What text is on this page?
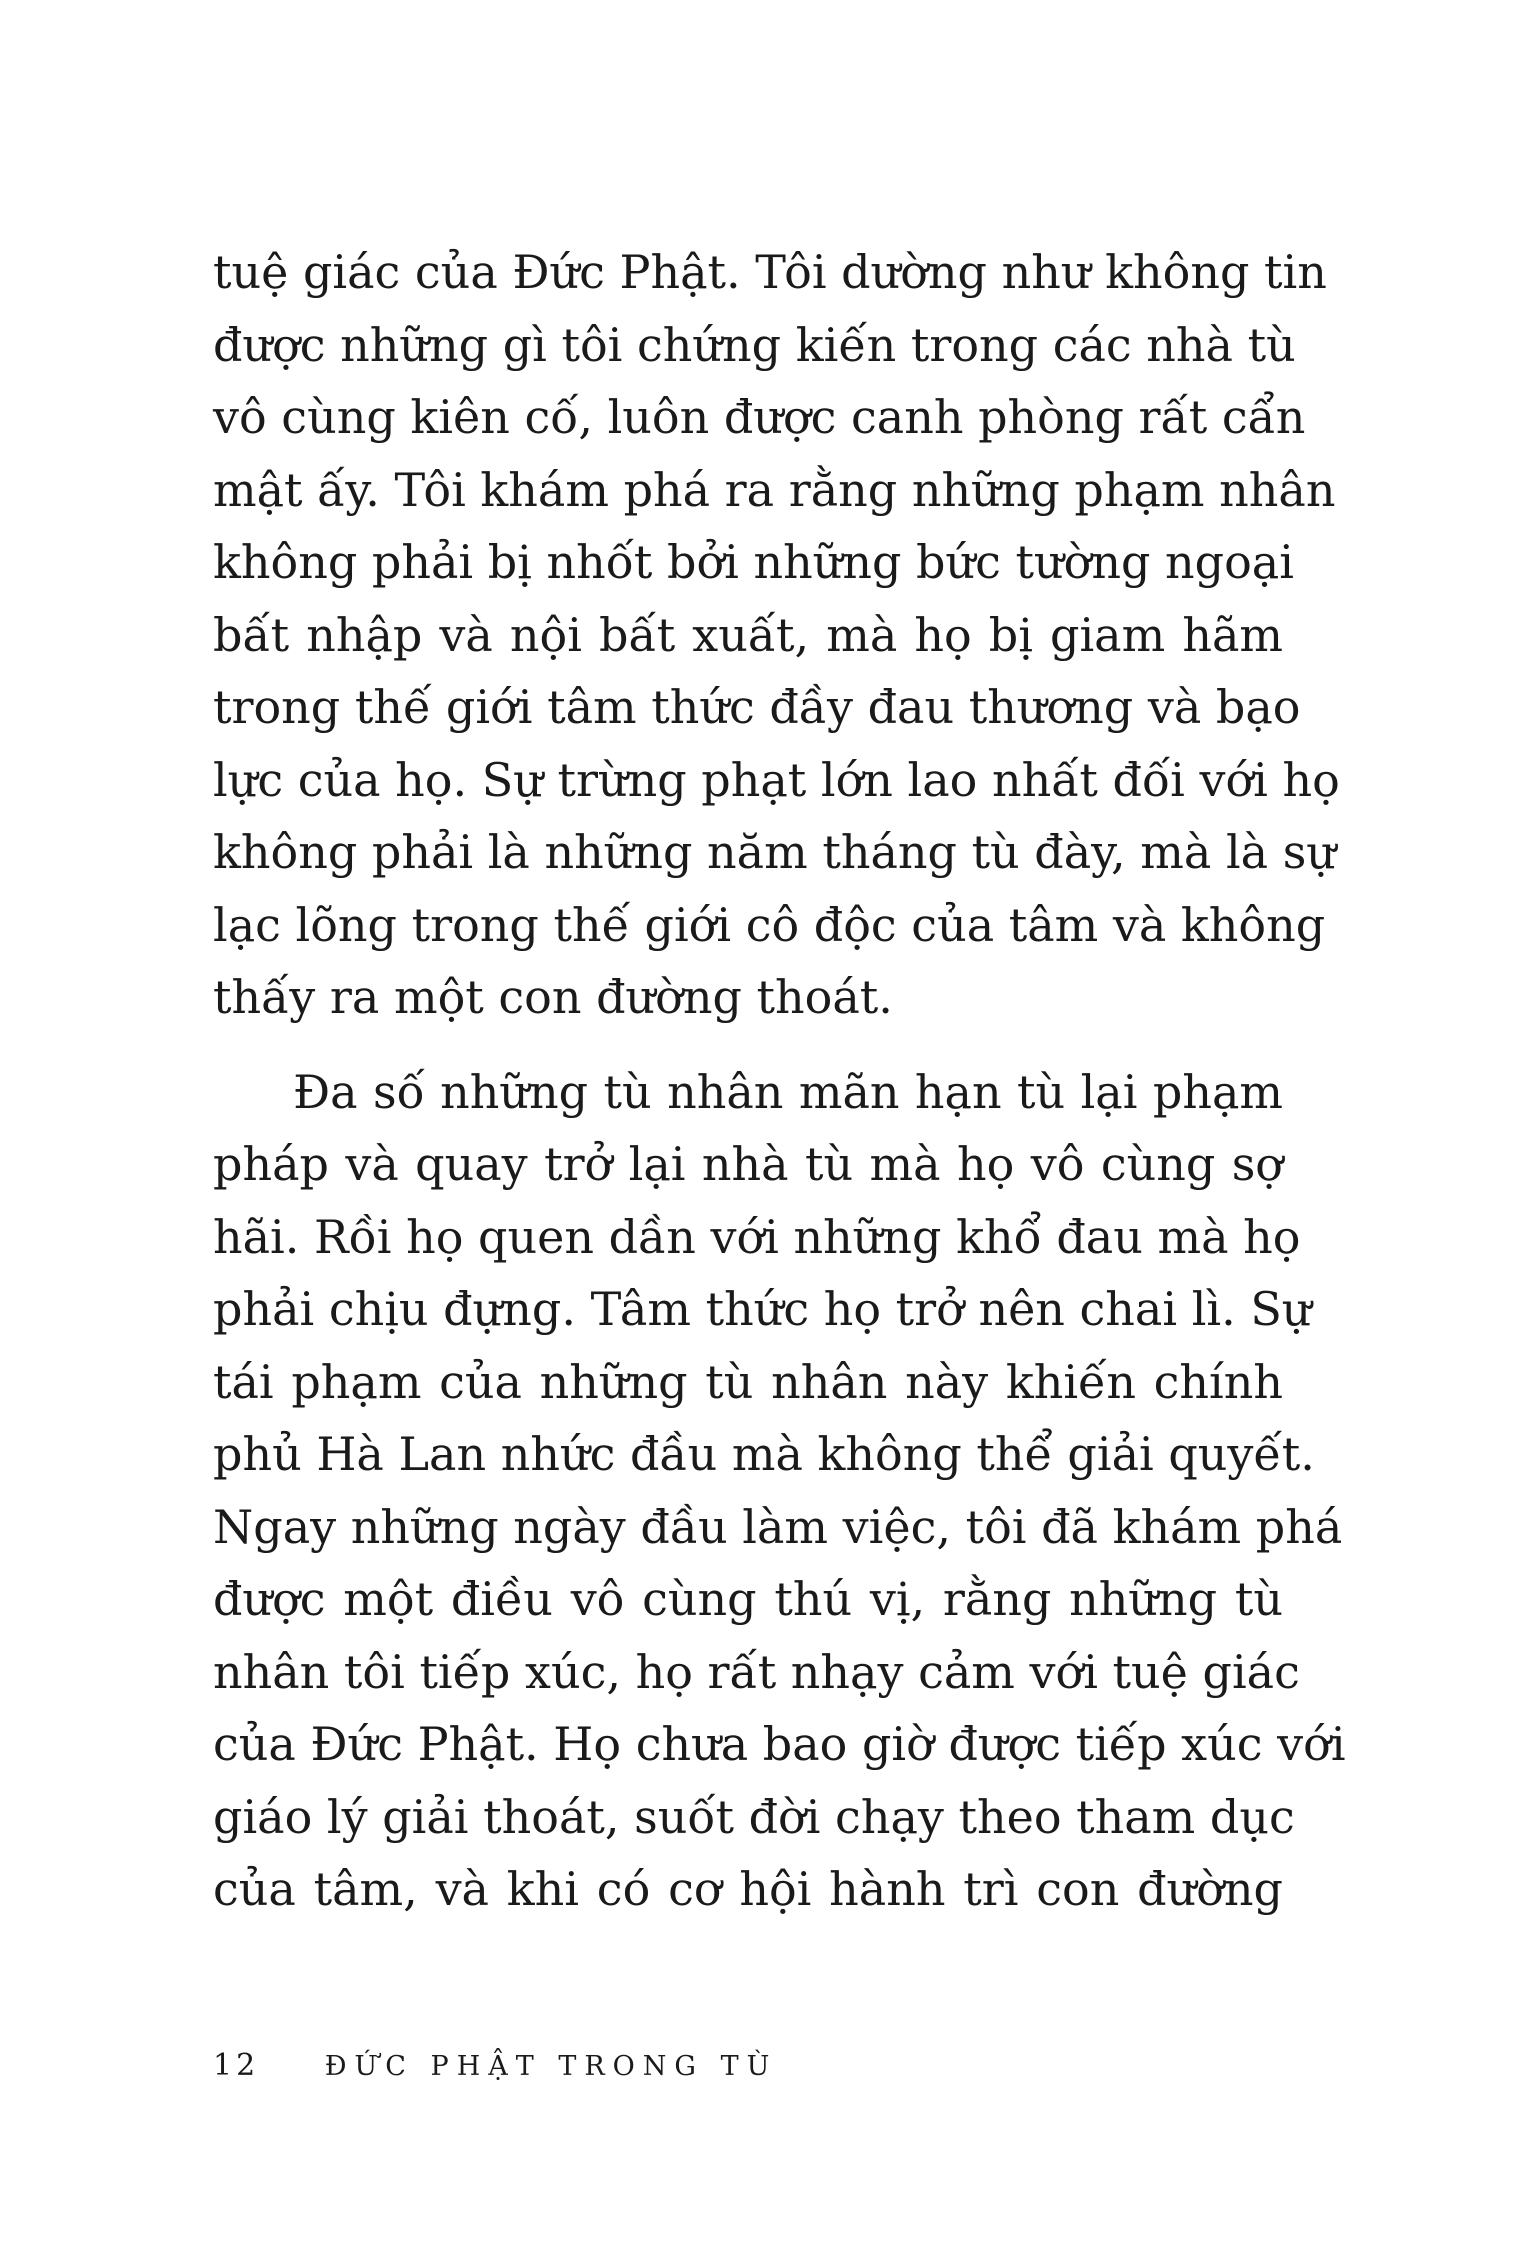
tuệ giác của Đức Phật. Tôi dường như không tin
được những gì tôi chứng kiến trong các nhà tù
vô cùng kiên cố, luôn được canh phòng rất cẩn
mật ấy. Tôi khám phá ra rằng những phạm nhân
không phải bị nhốt bởi những bức tường ngoại
bất nhập và nội bất xuất, mà họ bị giam hãm
trong thế giới tâm thức đầy đau thương và bạo
lực của họ. Sự trừng phạt lớn lao nhất đối với họ
không phải là những năm tháng tù đày, mà là sự
lạc lõng trong thế giới cô độc của tâm và không
thấy ra một con đường thoát.
Đa số những tù nhân mãn hạn tù lại phạm
pháp và quay trở lại nhà tù mà họ vô cùng sợ
hãi. Rồi họ quen dần với những khổ đau mà họ
phải chịu đựng. Tâm thức họ trở nên chai lì. Sự
tái phạm của những tù nhân này khiến chính
phủ Hà Lan nhức đầu mà không thể giải quyết.
Ngay những ngày đầu làm việc, tôi đã khám phá
được một điều vô cùng thú vị, rằng những tù
nhân tôi tiếp xúc, họ rất nhạy cảm với tuệ giác
của Đức Phật. Họ chưa bao giờ được tiếp xúc với
giáo lý giải thoát, suốt đời chạy theo tham dục
của tâm, và khi có cơ hội hành trì con đường
12 ĐỨC PHẬT TRONG TÙ
